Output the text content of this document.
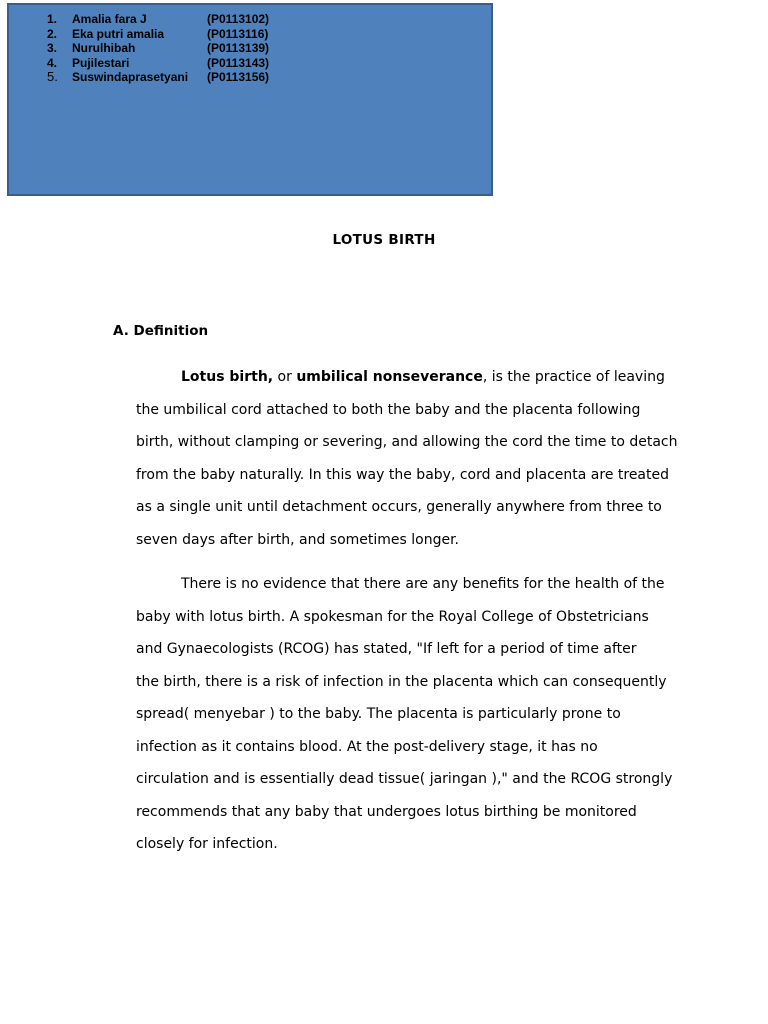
1.	Amalia fara J	(P0113102)
2.	Eka putri amalia	(P0113116)
3.	Nurulhibah	(P0113139)
4.	Pujilestari	(P0113143)
5.	Suswindaprasetyani	(P0113156)
LOTUS BIRTH
A. Definition
Lotus birth, or umbilical nonseverance, is the practice of leaving
the umbilical cord attached to both the baby and the placenta following
birth, without clamping or severing, and allowing the cord the time to detach
from the baby naturally. In this way the baby, cord and placenta are treated
as a single unit until detachment occurs, generally anywhere from three to
seven days after birth, and sometimes longer.
There is no evidence that there are any benefits for the health of the
baby with lotus birth. A spokesman for the Royal College of Obstetricians
and Gynaecologists (RCOG) has stated, "If left for a period of time after
the birth, there is a risk of infection in the placenta which can consequently
spread( menyebar ) to the baby. The placenta is particularly prone to
infection as it contains blood. At the post-delivery stage, it has no
circulation and is essentially dead tissue( jaringan )," and the RCOG strongly
recommends that any baby that undergoes lotus birthing be monitored
closely for infection.
